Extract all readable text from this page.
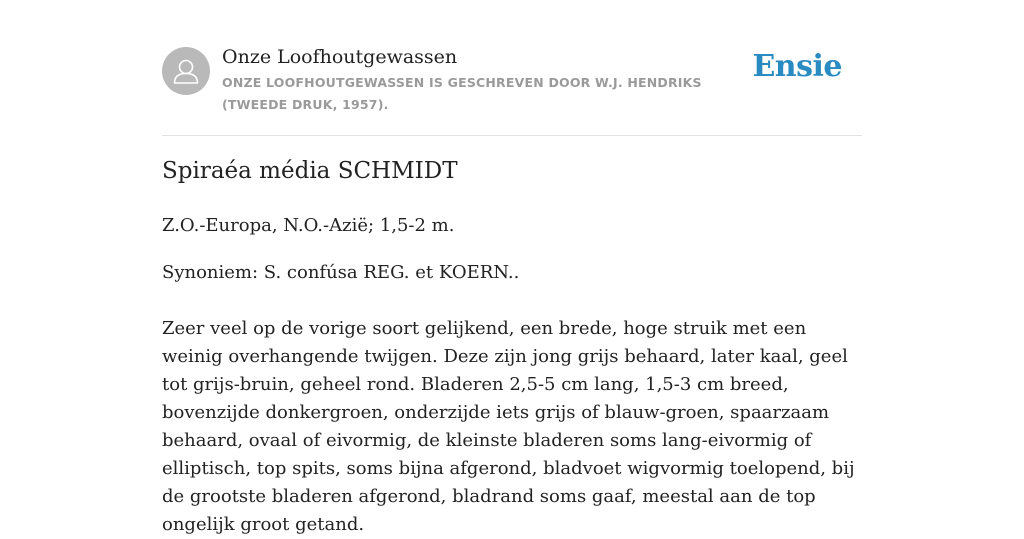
Onze Loofhoutgewassen
ONZE LOOFHOUTGEWASSEN IS GESCHREVEN DOOR W.J. HENDRIKS (TWEEDE DRUK, 1957).
Ensie
Spiraéa média SCHMIDT

Z.O.-Europa, N.O.-Azië; 1,5-2 m.

Synoniem: S. confúsa REG. et KOERN..

Zeer veel op de vorige soort gelijkend, een brede, hoge struik met een weinig overhangende twijgen. Deze zijn jong grijs behaard, later kaal, geel tot grijs-bruin, geheel rond. Bladeren 2,5-5 cm lang, 1,5-3 cm breed, bovenzijde donkergroen, onderzijde iets grijs of blauw-groen, spaarzaam behaard, ovaal of eivormig, de kleinste bladeren soms lang-eivormig of elliptisch, top spits, soms bijna afgerond, bladvoet wigvormig toelopend, bij de grootste bladeren afgerond, bladrand soms gaaf, meestal aan de top ongelijk groot getand.
